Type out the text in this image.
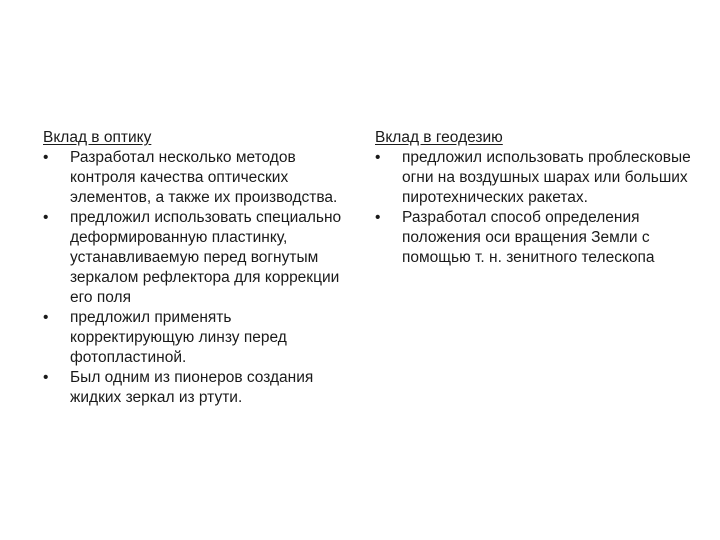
Вклад в оптику
•	Разработал несколько методов контроля качества оптических элементов, а также их производства.
•	предложил использовать специально деформированную пластинку, устанавливаемую перед вогнутым зеркалом рефлектора для коррекции его поля
•	предложил применять корректирующую линзу перед фотопластиной.
•	Был одним из пионеров создания жидких зеркал из ртути.
Вклад в геодезию
•	предложил использовать проблесковые огни на воздушных шарах или больших пиротехнических ракетах.
•	Разработал способ определения положения оси вращения Земли с помощью т. н. зенитного телескопа
